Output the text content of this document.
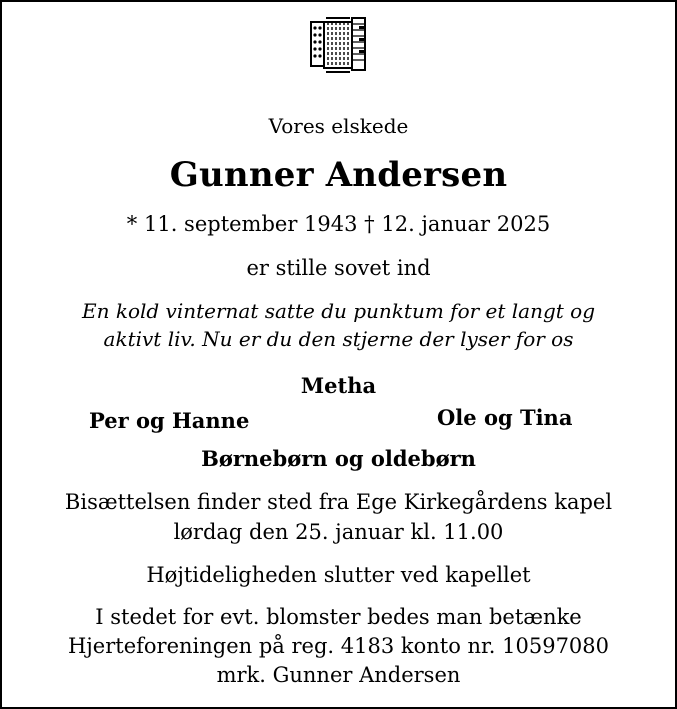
Vores elskede
Gunner Andersen
* 11. september 1943 † 12. januar 2025
er stille sovet ind
En kold vinternat satte du punktum for et langt og
aktivt liv. Nu er du den stjerne der lyser for os
Metha
Per og Hanne	Ole og Tina
Børnebørn og oldebørn
Bisættelsen finder sted fra Ege Kirkegårdens kapel
lørdag den 25. januar kl. 11.00
Højtideligheden slutter ved kapellet
I stedet for evt. blomster bedes man betænke
Hjerteforeningen på reg. 4183 konto nr. 10597080
mrk. Gunner Andersen
